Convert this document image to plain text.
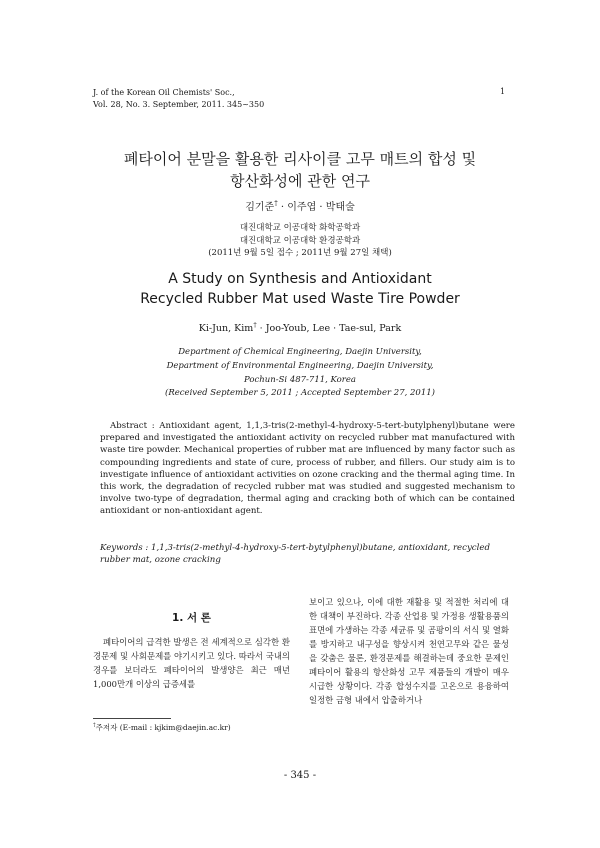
J. of the Korean Oil Chemists' Soc.,
Vol. 28, No. 3. September, 2011. 345~350
1
폐타이어 분말을 활용한 리사이클 고무 매트의 합성 및
항산화성에 관한 연구
김기준† · 이주엽 · 박태술
대진대학교 이공대학 화학공학과
대진대학교 이공대학 환경공학과
(2011년 9월 5일 접수 ; 2011년 9월 27일 채택)
A Study on Synthesis and Antioxidant
Recycled Rubber Mat used Waste Tire Powder
Ki-Jun, Kim† · Joo-Youb, Lee · Tae-sul, Park
Department of Chemical Engineering, Daejin University,
Department of Environmental Engineering, Daejin University,
Pochun-Si 487-711, Korea
(Received September 5, 2011 ; Accepted September 27, 2011)
Abstract : Antioxidant agent, 1,1,3-tris(2-methyl-4-hydroxy-5-tert-butylphenyl)butane were prepared and investigated the antioxidant activity on recycled rubber mat manufactured with waste tire powder. Mechanical properties of rubber mat are influenced by many factor such as compounding ingredients and state of cure, process of rubber, and fillers. Our study aim is to investigate influence of antioxidant activities on ozone cracking and the thermal aging time. In this work, the degradation of recycled rubber mat was studied and suggested mechanism to involve two-type of degradation, thermal aging and cracking both of which can be contained antioxidant or non-antioxidant agent.
Keywords : 1,1,3-tris(2-methyl-4-hydroxy-5-tert-bytylphenyl)butane, antioxidant, recycled rubber mat, ozone cracking
1. 서 론

폐타이어의 급격한 발생은 전 세계적으로 심각한 환경문제 및 사회문제를 야기시키고 있다. 따라서 국내의 경우를 보더라도 폐타이어의 발생양은 최근 매년 1,000만개 이상의 급증세를

보이고 있으나, 이에 대한 재활용 및 적절한 처리에 대한 대책이 부진하다. 각종 산업용 및 가정용 생활용품의 표면에 가생하는 각종 세균류 및 곰팡이의 서식 및 열화를 방지하고 내구성을 향상시켜 천연고무와 같은 물성을 갖춤은 물론, 환경문제를 해결하는데 중요한 문제인 폐타이어 활용의 항산화성 고무 제품들의 개발이 매우 시급한 상황이다. 각종 합성수지를 고온으로 용융하여 일정한 금형 내에서 압출하거나

†주저자 (E-mail : kjkim@daejin.ac.kr)
- 345 -
